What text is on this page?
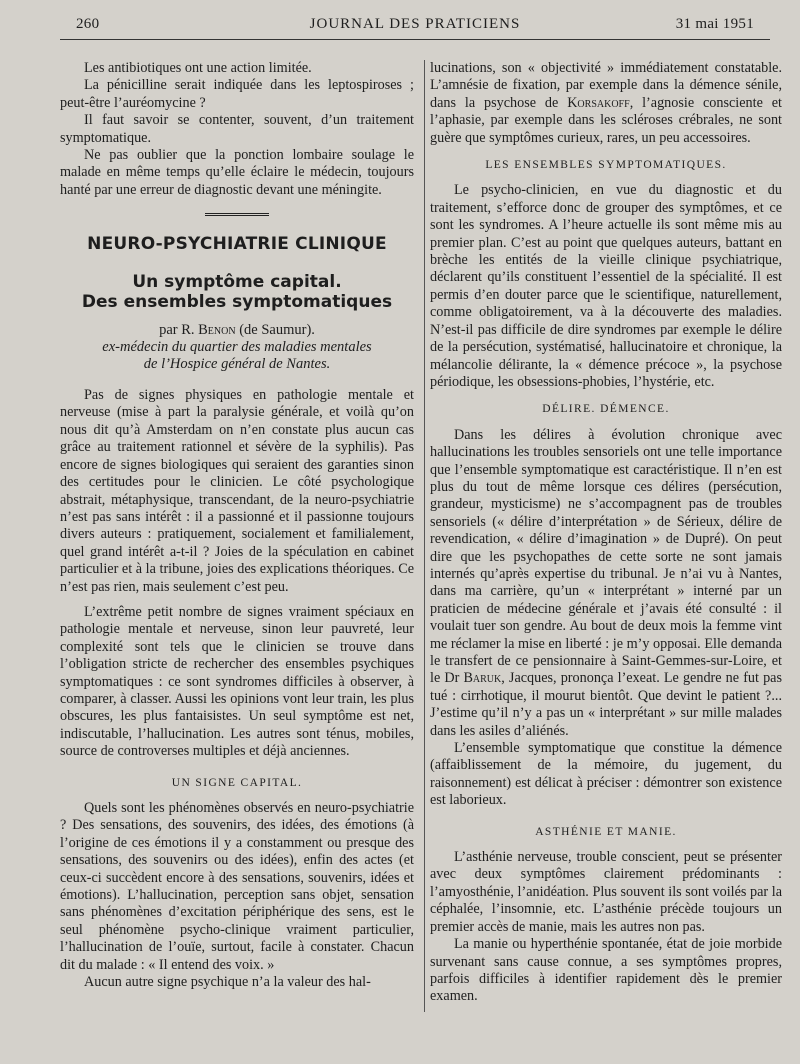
260	JOURNAL DES PRATICIENS	31 mai 1951

Les antibiotiques ont une action limitée.

La pénicilline serait indiquée dans les leptospiroses ; peut-être l’auréomycine ?

Il faut savoir se contenter, souvent, d’un traitement symptomatique.

Ne pas oublier que la ponction lombaire soulage le malade en même temps qu’elle éclaire le médecin, toujours hanté par une erreur de diagnostic devant une méningite.

NEURO-PSYCHIATRIE CLINIQUE
Un symptôme capital.
Des ensembles symptomatiques
par R. Benon (de Saumur).
ex-médecin du quartier des maladies mentales
de l’Hospice général de Nantes.

Pas de signes physiques en pathologie mentale et nerveuse (mise à part la paralysie générale, et voilà qu’on nous dit qu’à Amsterdam on n’en constate plus aucun cas grâce au traitement rationnel et sévère de la syphilis). Pas encore de signes biologiques qui seraient des garanties sinon des certitudes pour le clinicien. Le côté psychologique abstrait, métaphysique, transcendant, de la neuro-psychiatrie n’est pas sans intérêt : il a passionné et il passionne toujours divers auteurs : pratiquement, socialement et familialement, quel grand intérêt a-t-il ? Joies de la spéculation en cabinet particulier et à la tribune, joies des explications théoriques. Ce n’est pas rien, mais seulement c’est peu.

L’extrême petit nombre de signes vraiment spéciaux en pathologie mentale et nerveuse, sinon leur pauvreté, leur complexité sont tels que le clinicien se trouve dans l’obligation stricte de rechercher des ensembles psychiques symptomatiques : ce sont syndromes difficiles à observer, à comparer, à classer. Aussi les opinions vont leur train, les plus obscures, les plus fantaisistes. Un seul symptôme est net, indiscutable, l’hallucination. Les autres sont ténus, mobiles, source de controverses multiples et déjà anciennes.

UN SIGNE CAPITAL.

Quels sont les phénomènes observés en neuro-psychiatrie ? Des sensations, des souvenirs, des idées, des émotions (à l’origine de ces émotions il y a constamment ou presque des sensations, des souvenirs ou des idées), enfin des actes (et ceux-ci succèdent encore à des sensations, souvenirs, idées et émotions). L’hallucination, perception sans objet, sensation sans phénomènes d’excitation périphérique des sens, est le seul phénomène psycho-clinique vraiment particulier, l’hallucination de l’ouïe, surtout, facile à constater. Chacun dit du malade : « Il entend des voix. »

Aucun autre signe psychique n’a la valeur des hal-

lucinations, son « objectivité » immédiatement constatable. L’amnésie de fixation, par exemple dans la démence sénile, dans la psychose de Korsakoff, l’agnosie consciente et l’aphasie, par exemple dans les scléroses crébrales, ne sont guère que symptômes curieux, rares, un peu accessoires.

LES ENSEMBLES SYMPTOMATIQUES.

Le psycho-clinicien, en vue du diagnostic et du traitement, s’efforce donc de grouper des symptômes, et ce sont les syndromes. A l’heure actuelle ils sont même mis au premier plan. C’est au point que quelques auteurs, battant en brèche les entités de la vieille clinique psychiatrique, déclarent qu’ils constituent l’essentiel de la spécialité. Il est permis d’en douter parce que le scientifique, naturellement, comme obligatoirement, va à la découverte des maladies. N’est-il pas difficile de dire syndromes par exemple le délire de la persécution, systématisé, hallucinatoire et chronique, la mélancolie délirante, la « démence précoce », la psychose périodique, les obsessions-phobies, l’hystérie, etc.

DÉLIRE. DÉMENCE.

Dans les délires à évolution chronique avec hallucinations les troubles sensoriels ont une telle importance que l’ensemble symptomatique est caractéristique. Il n’en est plus du tout de même lorsque ces délires (persécution, grandeur, mysticisme) ne s’accompagnent pas de troubles sensoriels (« délire d’interprétation » de Sérieux, délire de revendication, « délire d’imagination » de Dupré). On peut dire que les psychopathes de cette sorte ne sont jamais internés qu’après expertise du tribunal. Je n’ai vu à Nantes, dans ma carrière, qu’un « interprétant » interné par un praticien de médecine générale et j’avais été consulté : il voulait tuer son gendre. Au bout de deux mois la femme vint me réclamer la mise en liberté : je m’y opposai. Elle demanda le transfert de ce pensionnaire à Saint-Gemmes-sur-Loire, et le Dr Baruk, Jacques, prononça l’exeat. Le gendre ne fut pas tué : cirrhotique, il mourut bientôt. Que devint le patient ?... J’estime qu’il n’y a pas un « interprétant » sur mille malades dans les asiles d’aliénés.

L’ensemble symptomatique que constitue la démence (affaiblissement de la mémoire, du jugement, du raisonnement) est délicat à préciser : démontrer son existence est laborieux.

ASTHÉNIE ET MANIE.

L’asthénie nerveuse, trouble conscient, peut se présenter avec deux symptômes clairement prédominants : l’amyosthénie, l’anidéation. Plus souvent ils sont voilés par la céphalée, l’insomnie, etc. L’asthénie précède toujours un premier accès de manie, mais les autres non pas.

La manie ou hyperthénie spontanée, état de joie morbide survenant sans cause connue, a ses symptômes propres, parfois difficiles à identifier rapidement dès le premier examen.
